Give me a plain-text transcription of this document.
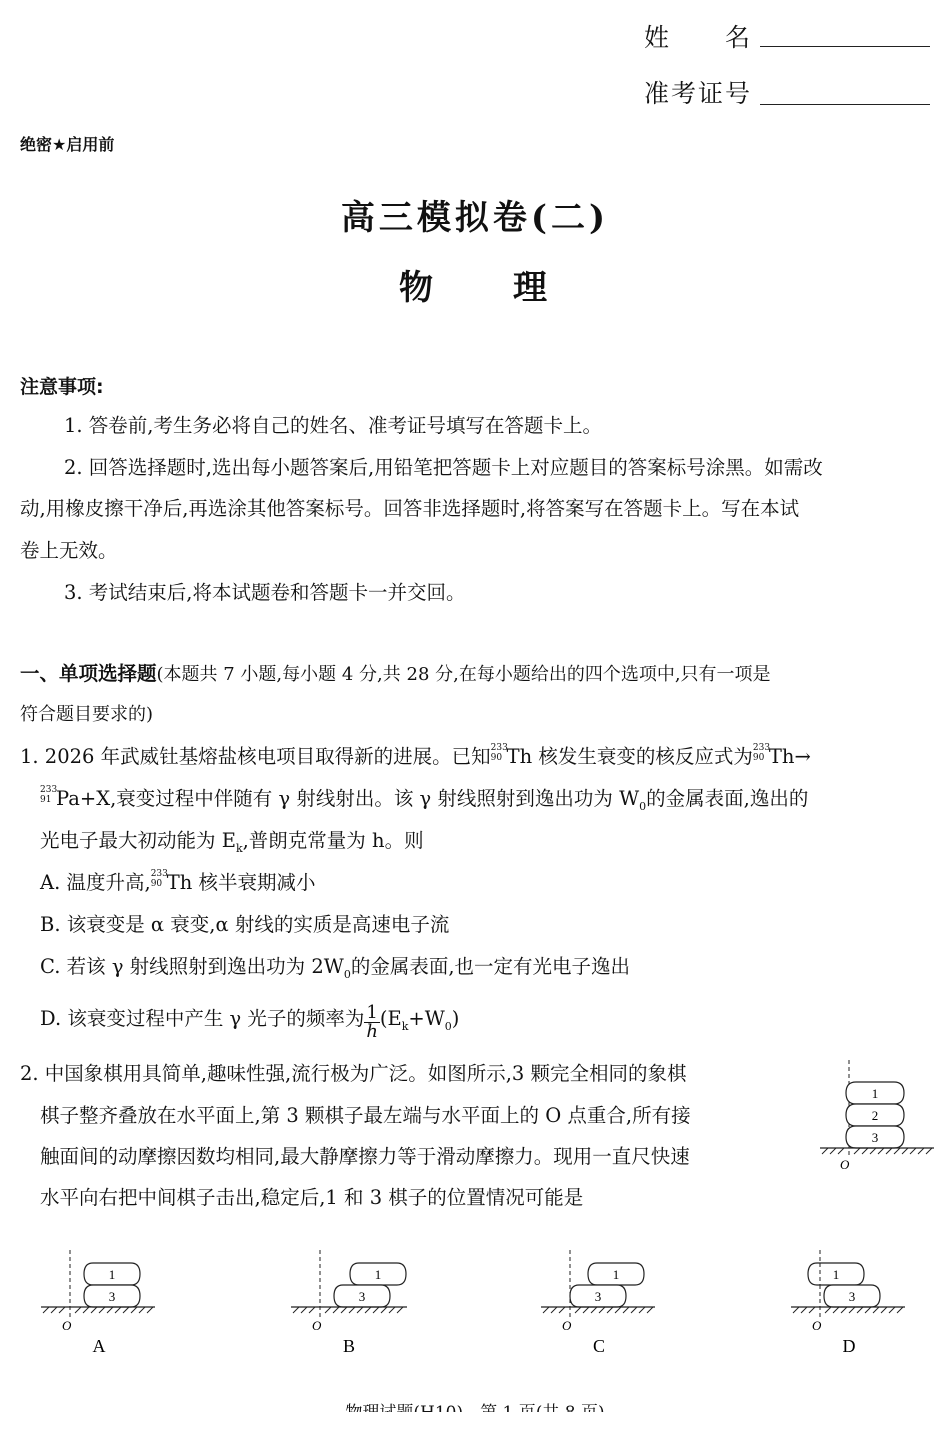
姓　　名
准考证号
绝密★启用前
高三模拟卷(二)
物　　理
注意事项:
1. 答卷前,考生务必将自己的姓名、准考证号填写在答题卡上。
2. 回答选择题时,选出每小题答案后,用铅笔把答题卡上对应题目的答案标号涂黑。如需改
动,用橡皮擦干净后,再选涂其他答案标号。回答非选择题时,将答案写在答题卡上。写在本试
卷上无效。
3. 考试结束后,将本试题卷和答题卡一并交回。
一、单项选择题(本题共 7 小题,每小题 4 分,共 28 分,在每小题给出的四个选项中,只有一项是
符合题目要求的)
1. 2026 年武威钍基熔盐核电项目取得新的进展。已知 233
90 Th 核发生衰变的核反应式为 233
90 Th→
233
91 Pa+X,衰变过程中伴随有 γ 射线射出。该 γ 射线照射到逸出功为 $W_0$的金属表面,逸出的
光电子最大初动能为 $E_k$,普朗克常量为 h。则
A. 温度升高, 233
90 Th 核半衰期减小
B. 该衰变是 α 衰变,α 射线的实质是高速电子流
C. 若该 γ 射线照射到逸出功为 $2W_0$的金属表面,也一定有光电子逸出
D. 该衰变过程中产生 γ 光子的频率为 $\frac{1}{h} (E_k+W_0)$
2. 中国象棋用具简单,趣味性强,流行极为广泛。如图所示,3 颗完全相同的象棋
棋子整齐叠放在水平面上,第 3 颗棋子最左端与水平面上的 O 点重合,所有接
触面间的动摩擦因数均相同,最大静摩擦力等于滑动摩擦力。现用一直尺快速
水平向右把中间棋子击出,稳定后,1 和 3 棋子的位置情况可能是
1
2
3
O
1
3
O
A
1
3
O
B
1
3
O
C
1
3
O
D
